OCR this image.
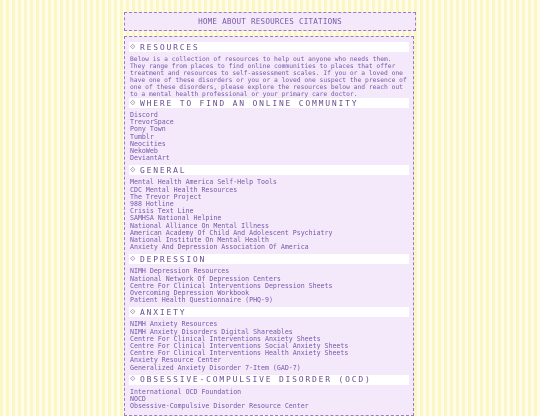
HOME ABOUT RESOURCES CITATIONS
⟐ RESOURCES

Below is a collection of resources to help out anyone who needs them. They range from places to find online communities to places that offer treatment and resources to self-assessment scales. If you or a loved one have one of these disorders or you or a loved one suspect the presence of one of these disorders, please explore the resources below and reach out to a mental health professional or your primary care doctor.

⟐ WHERE TO FIND AN ONLINE COMMUNITY
Discord
TrevorSpace
Pony Town
Tumblr
Neocities
NekoWeb
DeviantArt
⟐ GENERAL
Mental Health America Self-Help Tools
CDC Mental Health Resources
The Trevor Project
988 Hotline
Crisis Text Line
SAMHSA National Helpine
National Alliance On Mental Illness
American Academy Of Child And Adolescent Psychiatry
National Institute On Mental Health
Anxiety And Depression Association Of America
⟐ DEPRESSION
NIMH Depression Resources
National Network Of Depression Centers
Centre For Clinical Interventions Depression Sheets
Overcoming Depression Workbook
Patient Health Questionnaire (PHQ-9)
⟐ ANXIETY
NIMH Anxiety Resources
NIMH Anxiety Disorders Digital Shareables
Centre For Clinical Interventions Anxiety Sheets
Centre For Clinical Interventions Social Anxiety Sheets
Centre For Clinical Interventions Health Anxiety Sheets
Anxiety Resource Center
Generalized Anxiety Disorder 7-Item (GAD-7)
⟐ OBSESSIVE-COMPULSIVE DISORDER (OCD)
International OCD Foundation
NOCD
Obsessive-Compulsive Disorder Resource Center
